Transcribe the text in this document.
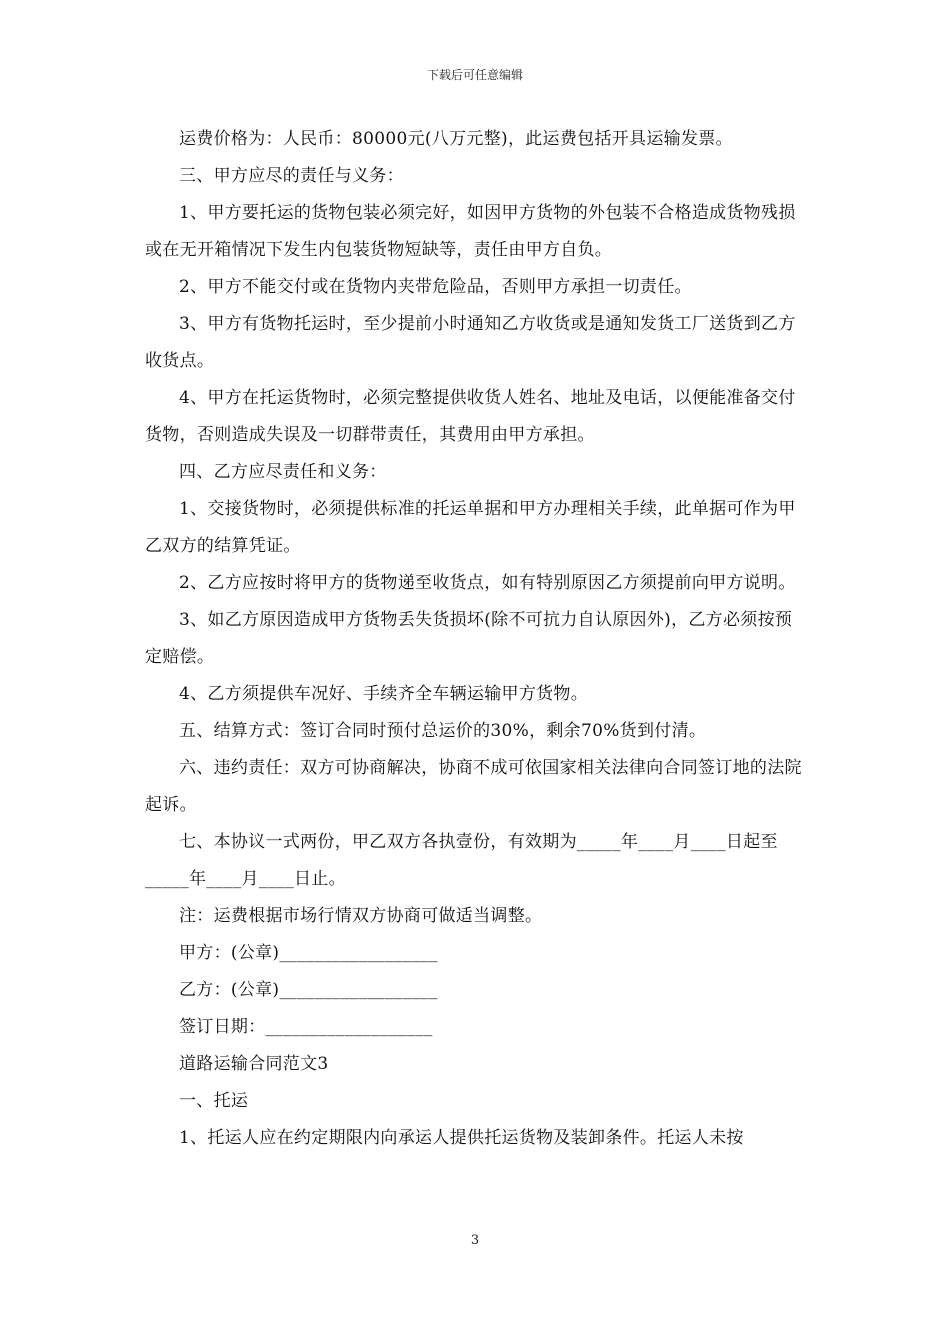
下载后可任意编辑

运费价格为：人民币：80000元(八万元整)，此运费包括开具运输发票。

三、甲方应尽的责任与义务：

1、甲方要托运的货物包装必须完好，如因甲方货物的外包装不合格造成货物残损或在无开箱情况下发生内包装货物短缺等，责任由甲方自负。

2、甲方不能交付或在货物内夹带危险品，否则甲方承担一切责任。

3、甲方有货物托运时，至少提前小时通知乙方收货或是通知发货工厂送货到乙方收货点。

4、甲方在托运货物时，必须完整提供收货人姓名、地址及电话，以便能准备交付货物，否则造成失误及一切群带责任，其费用由甲方承担。

四、乙方应尽责任和义务：

1、交接货物时，必须提供标准的托运单据和甲方办理相关手续，此单据可作为甲乙双方的结算凭证。

2、乙方应按时将甲方的货物递至收货点，如有特别原因乙方须提前向甲方说明。

3、如乙方原因造成甲方货物丢失货损坏(除不可抗力自认原因外)，乙方必须按预定赔偿。

4、乙方须提供车况好、手续齐全车辆运输甲方货物。

五、结算方式：签订合同时预付总运价的30%，剩余70%货到付清。

六、违约责任：双方可协商解决，协商不成可依国家相关法律向合同签订地的法院起诉。

七、本协议一式两份，甲乙双方各执壹份，有效期为_____年____月____日起至_____年____月____日止。

注：运费根据市场行情双方协商可做适当调整。

甲方：(公章)__________________

乙方：(公章)__________________

签订日期：___________________

道路运输合同范文3

一、托运

1、托运人应在约定期限内向承运人提供托运货物及装卸条件。托运人未按

3
